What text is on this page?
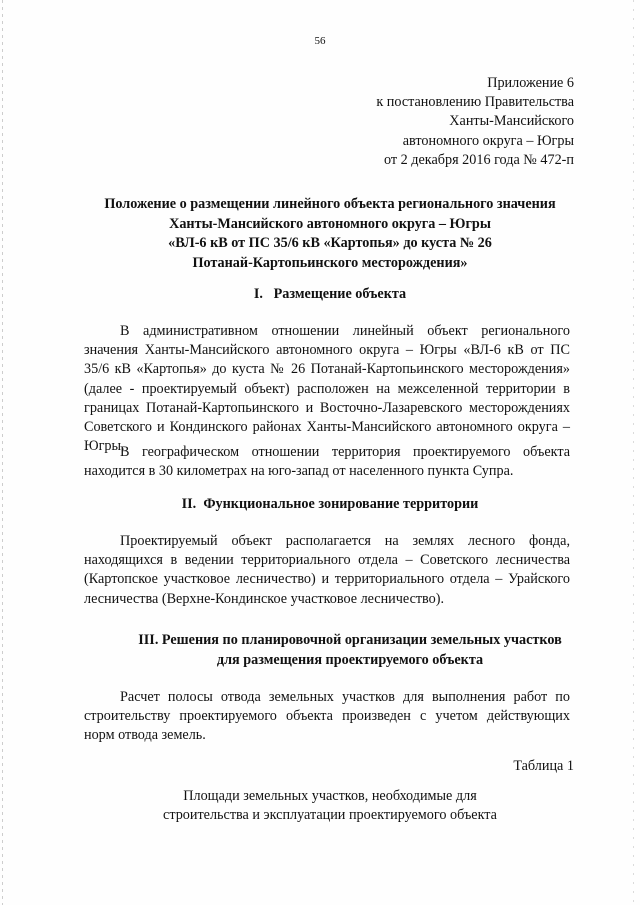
56
Приложение 6
к постановлению Правительства
Ханты-Мансийского
автономного округа – Югры
от 2 декабря 2016 года № 472-п
Положение о размещении линейного объекта регионального значения
Ханты-Мансийского автономного округа – Югры
«ВЛ-6 кВ от ПС 35/6 кВ «Картопья» до куста № 26
Потанай-Картопьинского месторождения»
I.   Размещение объекта

В административном отношении линейный объект регионального значения Ханты-Мансийского автономного округа – Югры «ВЛ-6 кВ от ПС 35/6 кВ «Картопья» до куста № 26 Потанай-Картопьинского месторождения» (далее - проектируемый объект) расположен на межселенной территории в границах Потанай-Картопьинского и Восточно-Лазаревского месторождениях Советского и Кондинского районах Ханты-Мансийского автономного округа – Югры.

В географическом отношении территория проектируемого объекта находится в 30 километрах на юго-запад от населенного пункта Супра.

II.  Функциональное зонирование территории

Проектируемый объект располагается на землях лесного фонда, находящихся в ведении территориального отдела – Советского лесничества (Картопское участковое лесничество) и территориального отдела – Урайского лесничества (Верхне-Кондинское участковое лесничество).

III. Решения по планировочной организации земельных участков
для размещения проектируемого объекта

Расчет полосы отвода земельных участков для выполнения работ по строительству проектируемого объекта произведен с учетом действующих норм отвода земель.

Таблица 1
Площади земельных участков, необходимые для
строительства и эксплуатации проектируемого объекта
